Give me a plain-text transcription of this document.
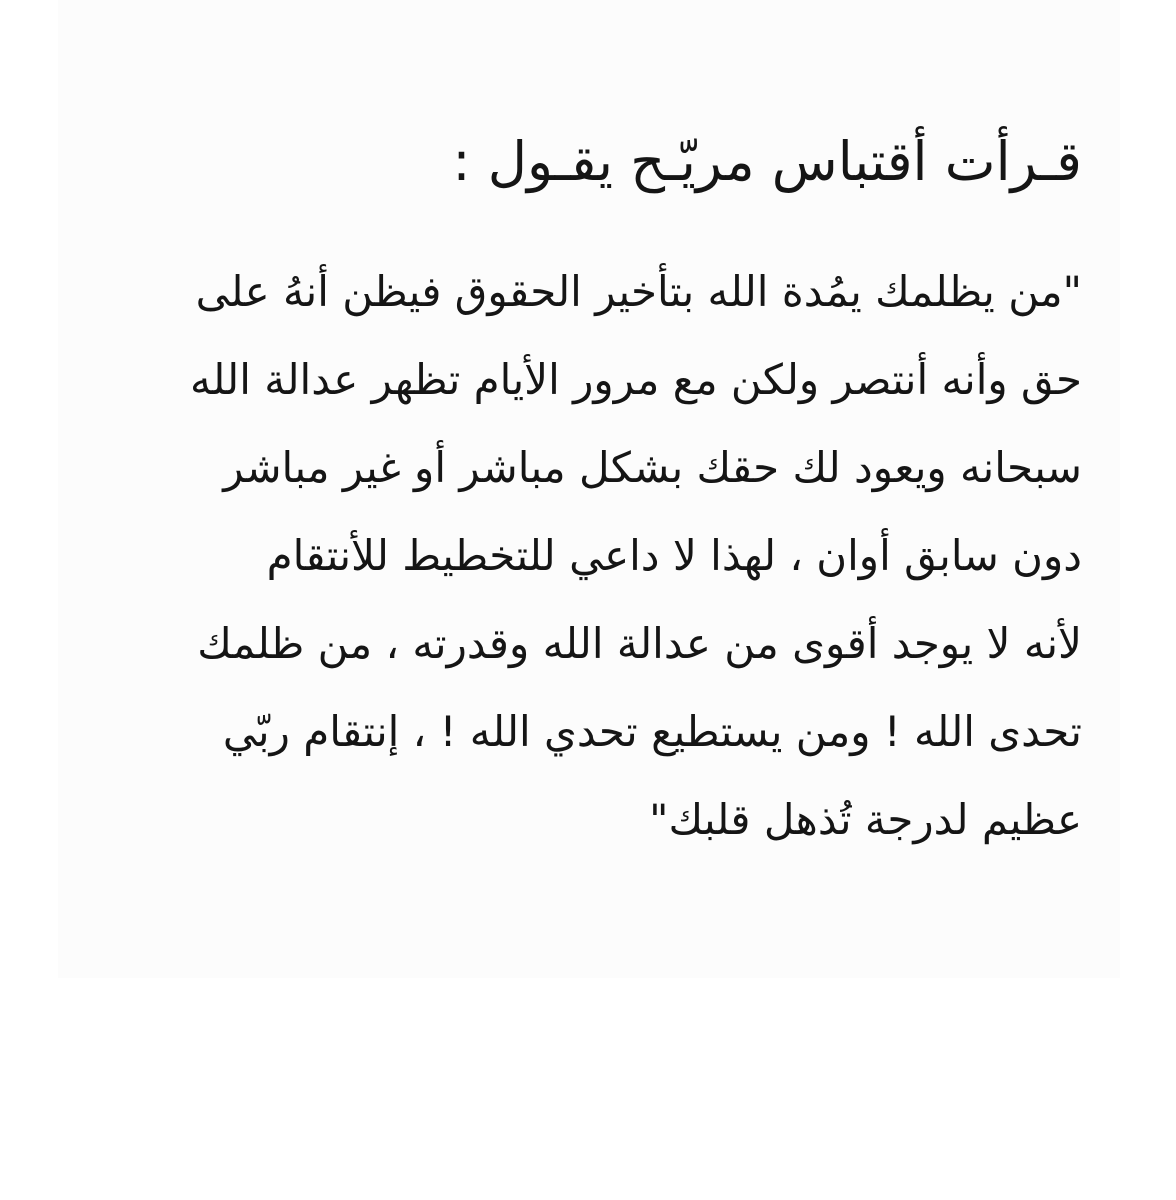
قـرأت أقتباس مريّـح يقـول :
"من يظلمك يمُدة الله بتأخير الحقوق فيظن أنهُ على
حق وأنه أنتصر ولكن مع مرور الأيام تظهر عدالة الله
سبحانه ويعود لك حقك بشكل مباشر أو غير مباشر
دون سابق أوان ، لهذا لا داعي للتخطيط للأنتقام
لأنه لا يوجد أقوى من عدالة الله وقدرته ، من ظلمك
تحدى الله ! ومن يستطيع تحدي الله ! ، إنتقام ربّي
عظيم لدرجة تُذهل قلبك"
